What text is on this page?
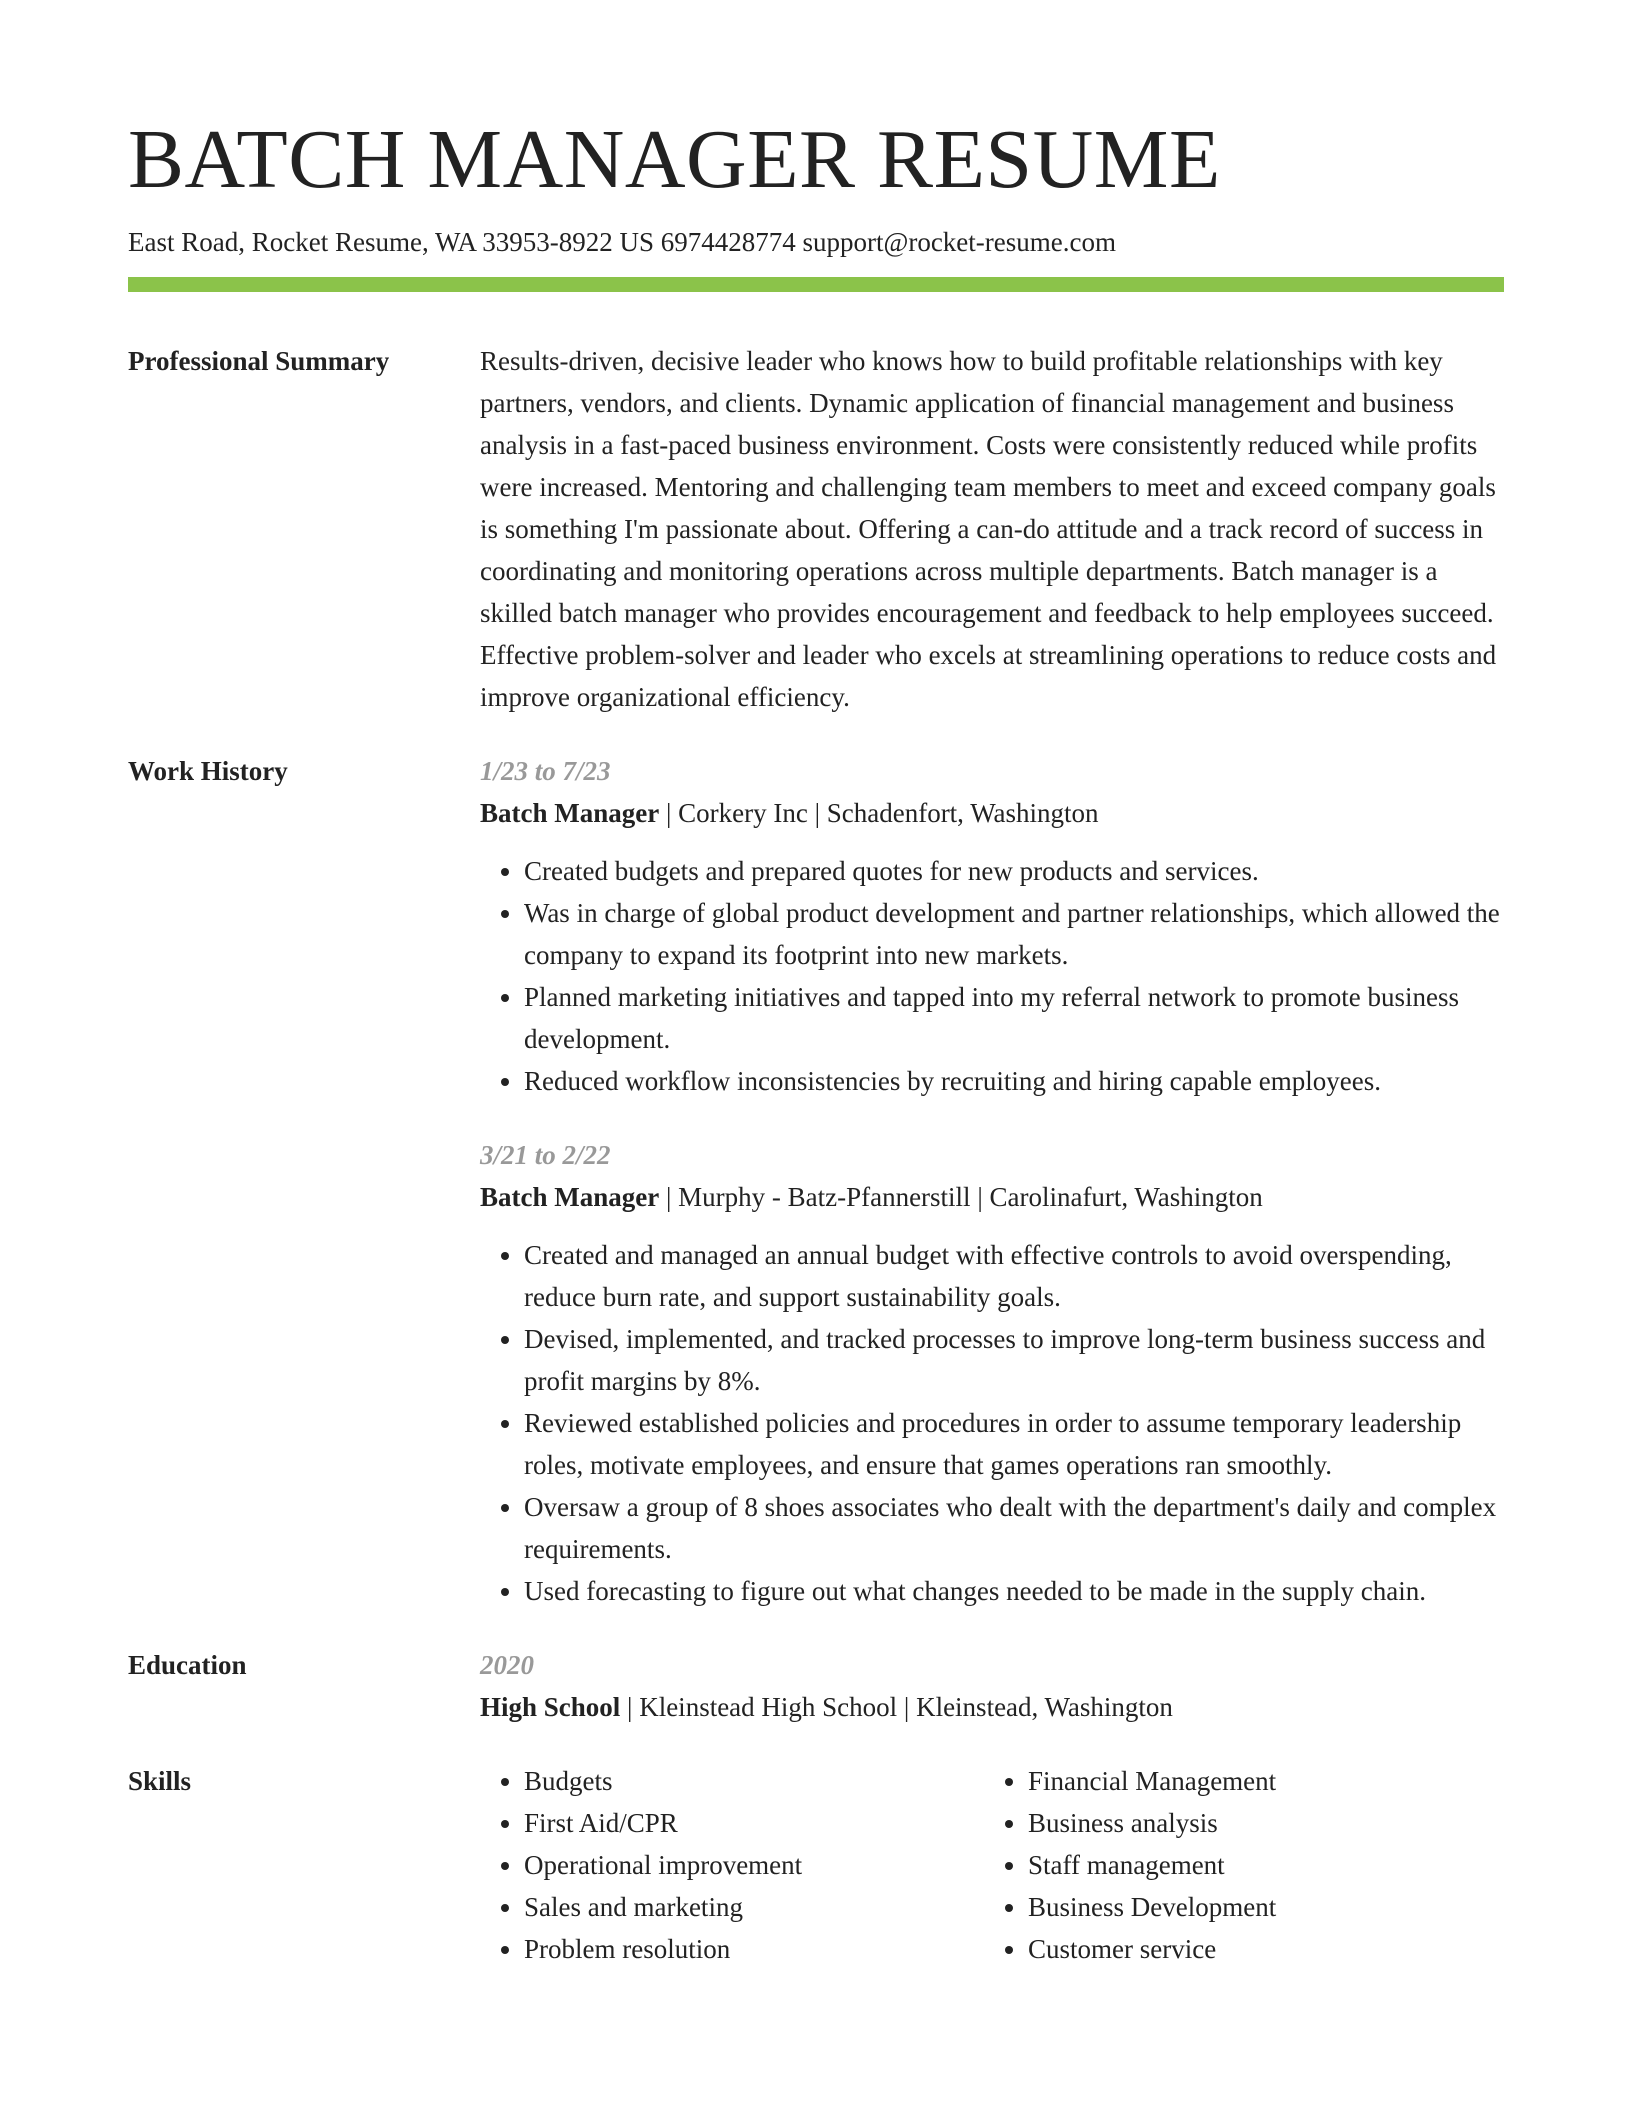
BATCH MANAGER RESUME
East Road, Rocket Resume, WA 33953-8922 US 6974428774 support@rocket-resume.com
Professional Summary	Results-driven, decisive leader who knows how to build profitable relationships with key partners, vendors, and clients. Dynamic application of financial management and business analysis in a fast-paced business environment. Costs were consistently reduced while profits were increased. Mentoring and challenging team members to meet and exceed company goals is something I'm passionate about. Offering a can-do attitude and a track record of success in coordinating and monitoring operations across multiple departments. Batch manager is a skilled batch manager who provides encouragement and feedback to help employees succeed. Effective problem-solver and leader who excels at streamlining operations to reduce costs and improve organizational efficiency.
Work History	1/23 to 7/23
Batch Manager | Corkery Inc | Schadenfort, Washington
• Created budgets and prepared quotes for new products and services.
• Was in charge of global product development and partner relationships, which allowed the company to expand its footprint into new markets.
• Planned marketing initiatives and tapped into my referral network to promote business development.
• Reduced workflow inconsistencies by recruiting and hiring capable employees.
3/21 to 2/22
Batch Manager | Murphy - Batz-Pfannerstill | Carolinafurt, Washington
• Created and managed an annual budget with effective controls to avoid overspending, reduce burn rate, and support sustainability goals.
• Devised, implemented, and tracked processes to improve long-term business success and profit margins by 8%.
• Reviewed established policies and procedures in order to assume temporary leadership roles, motivate employees, and ensure that games operations ran smoothly.
• Oversaw a group of 8 shoes associates who dealt with the department's daily and complex requirements.
• Used forecasting to figure out what changes needed to be made in the supply chain.
Education	2020
High School | Kleinstead High School | Kleinstead, Washington
Skills
•	Budgets
• First Aid/CPR
• Operational improvement
• Sales and marketing
• Problem resolution
• Financial Management
• Business analysis
• Staff management
• Business Development
• Customer service
